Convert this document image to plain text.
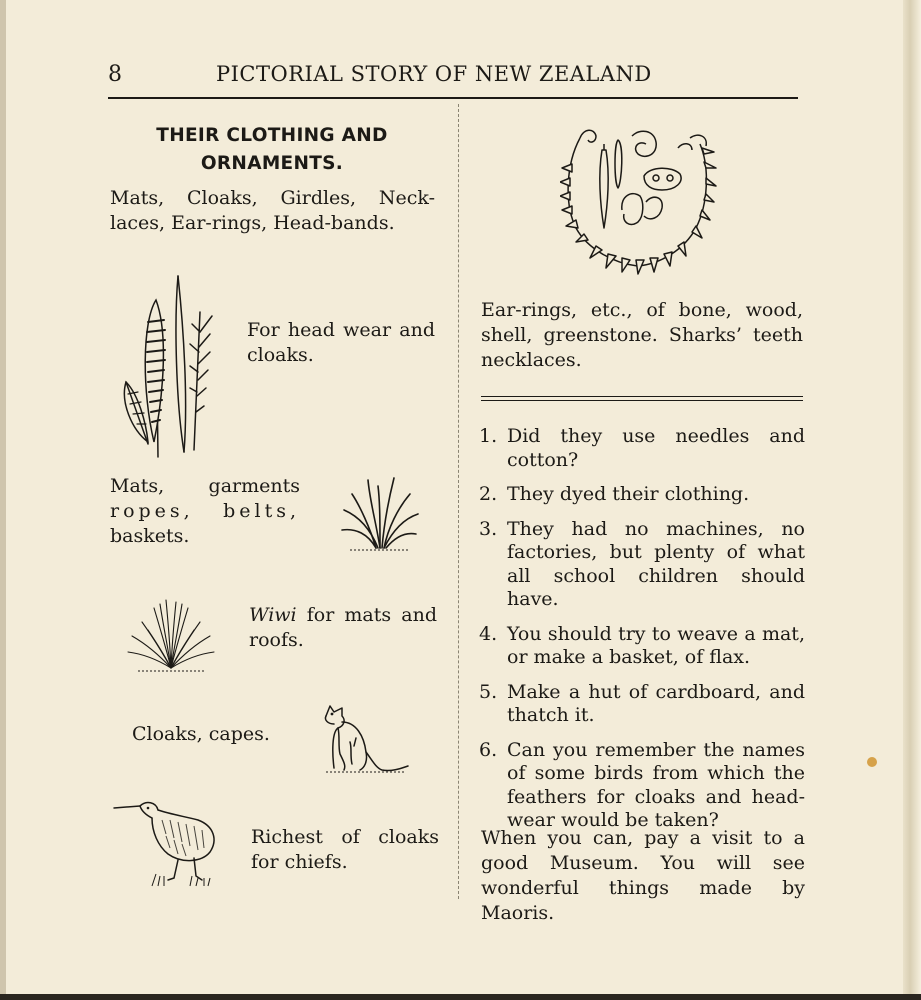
8	PICTORIAL STORY OF NEW ZEALAND
THEIR CLOTHING AND
ORNAMENTS.
Mats, Cloaks, Girdles, Neck-laces, Ear-rings, Head-bands.
For head wear and cloaks.
Mats, garments
ropes, belts,
baskets.
Wiwi for mats and roofs.
Cloaks, capes.
Richest of cloaks for chiefs.
Ear-rings, etc., of bone, wood, shell, greenstone. Sharks’ teeth necklaces.
1. Did they use needles and cotton?
2. They dyed their clothing.
3. They had no machines, no factories, but plenty of what all school children should have.
4. You should try to weave a mat, or make a basket, of flax.
5. Make a hut of cardboard, and thatch it.
6. Can you remember the names of some birds from which the feathers for cloaks and head-wear would be taken?
When you can, pay a visit to a good Museum. You will see wonderful things made by Maoris.
